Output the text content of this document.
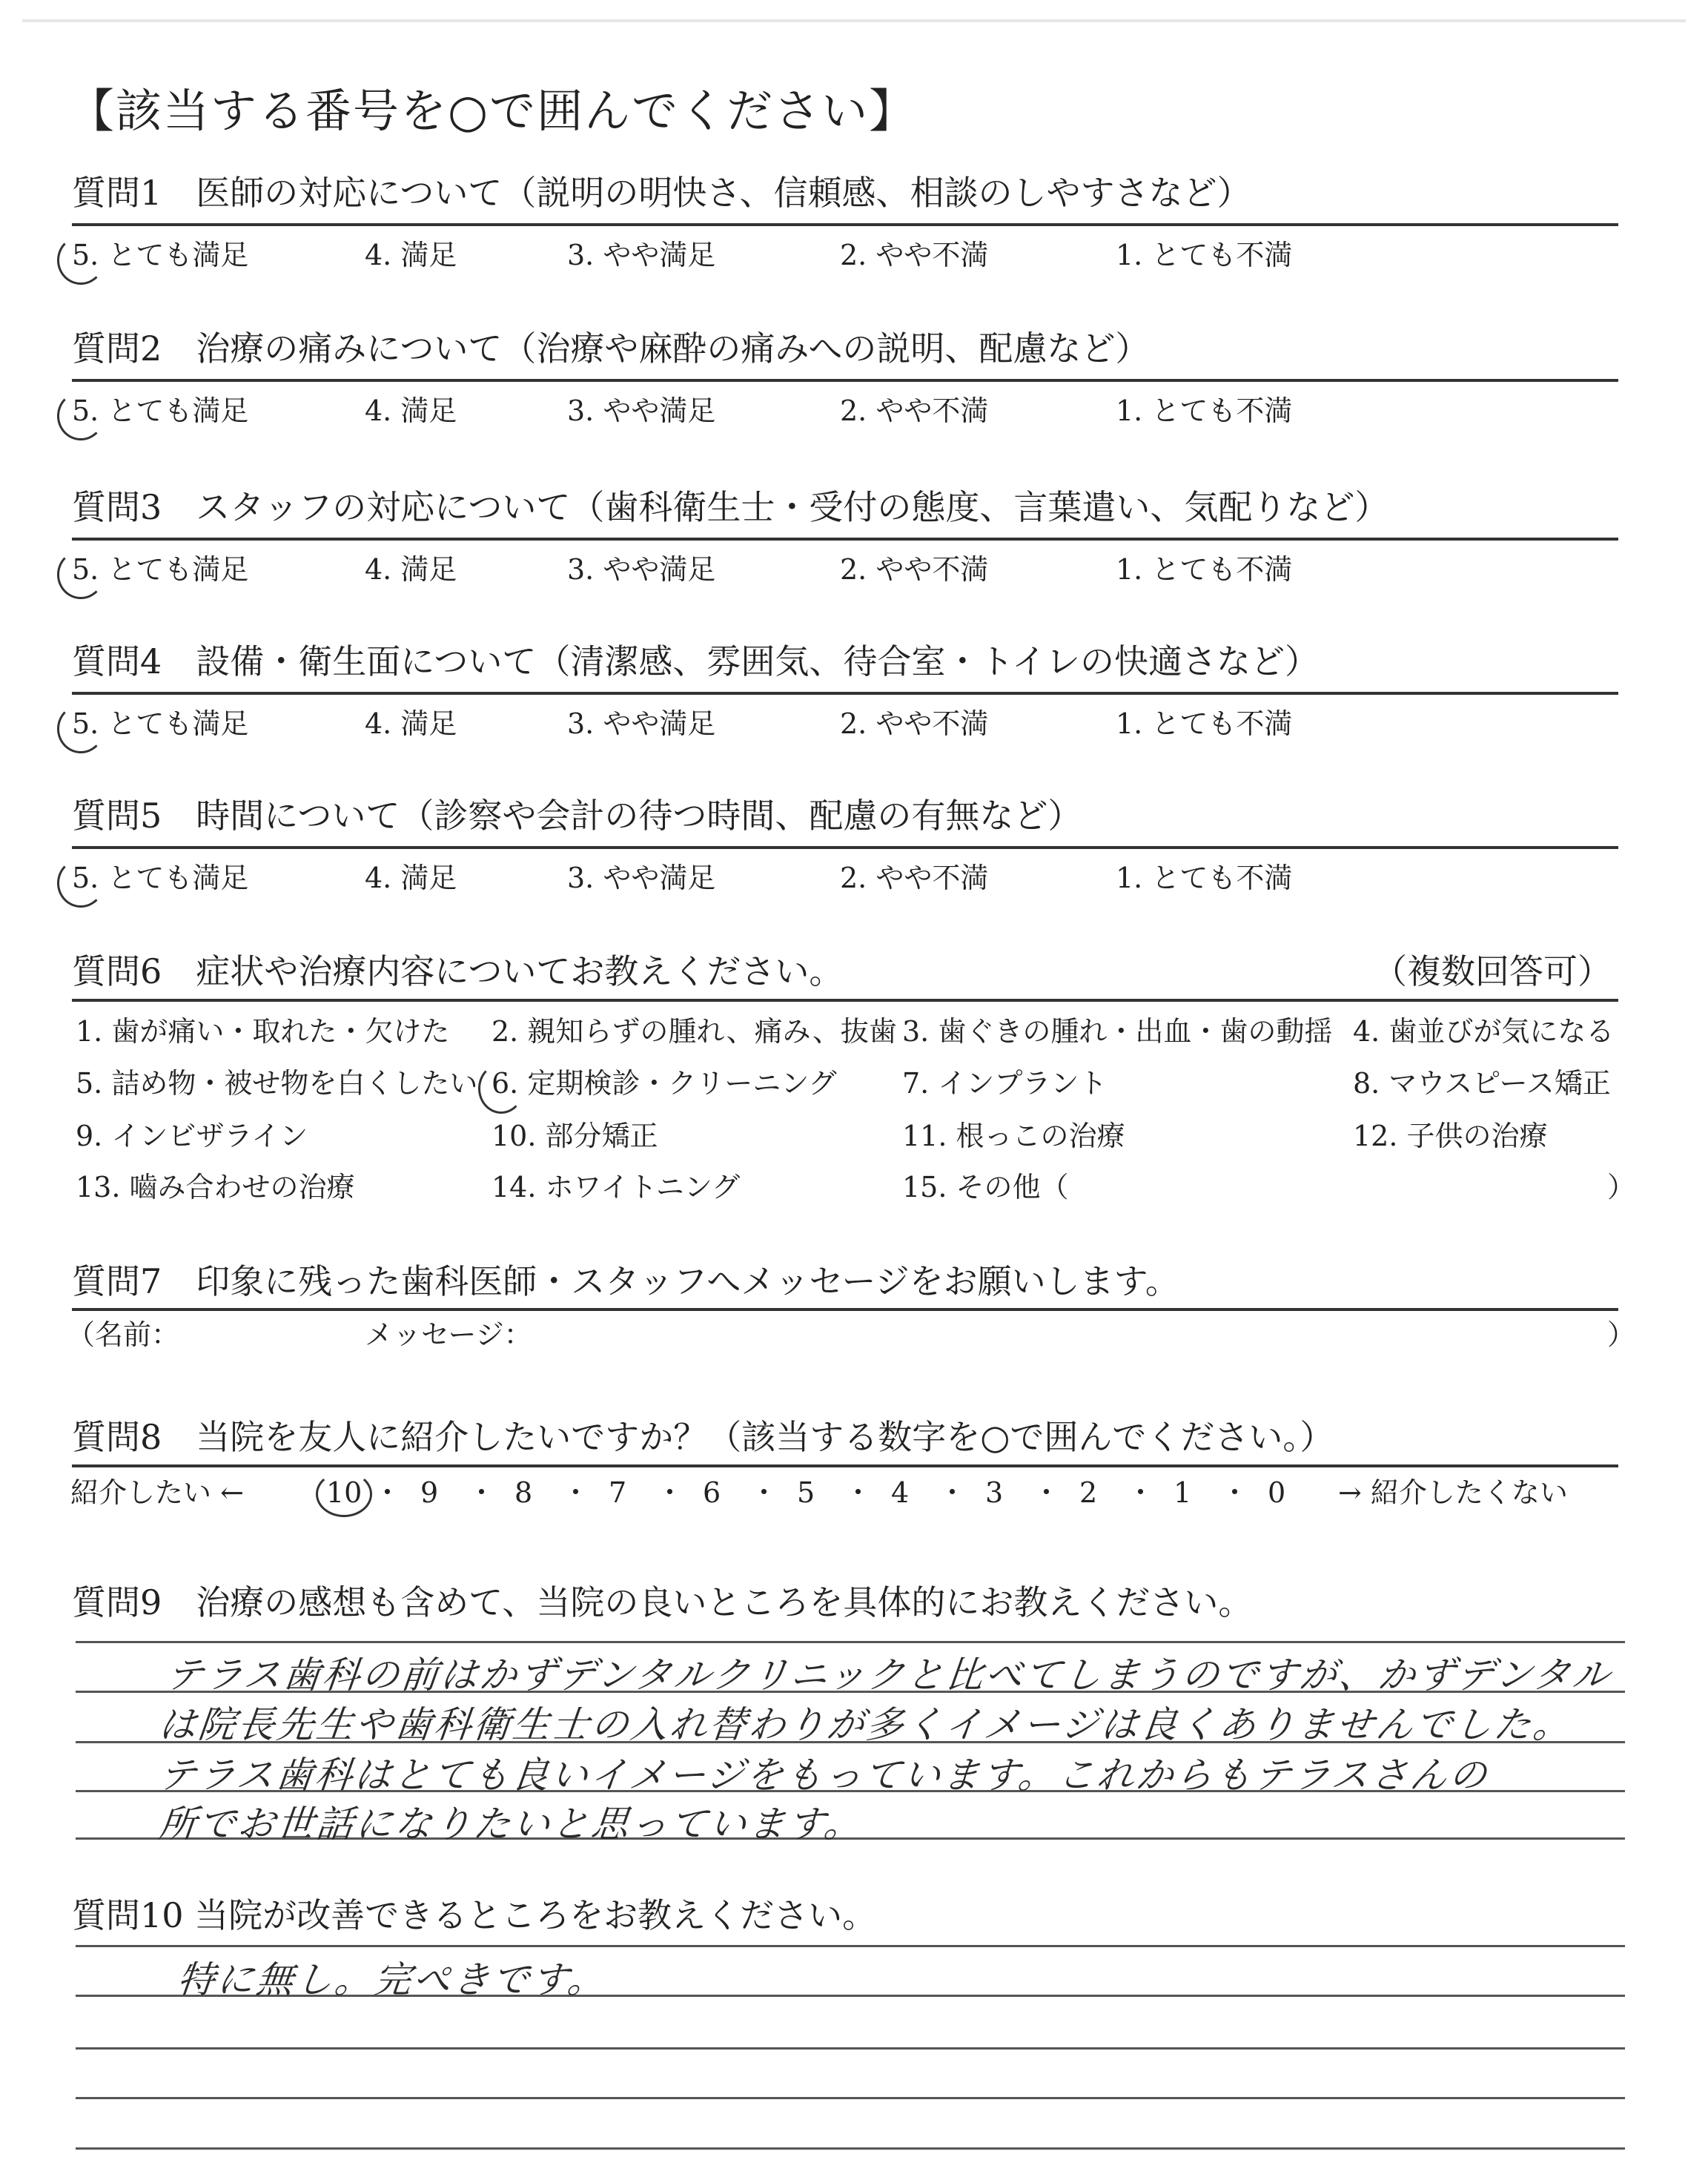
【該当する番号を○で囲んでください】
質問6　症状や治療内容についてお教えください。	（複数回答可）
）
質問7　印象に残った歯科医師・スタッフへメッセージをお願いします。
（名前：	メッセージ：	）
質問8　当院を友人に紹介したいですか？（該当する数字を○で囲んでください。）
紹介したい ←	→ 紹介したくない
質問9　治療の感想も含めて、当院の良いところを具体的にお教えください。
質問10 当院が改善できるところをお教えください。
質問1　医師の対応について（説明の明快さ、信頼感、相談のしやすさなど）
5. とても満足	4. 満足	3. やや満足	2. やや不満	1. とても不満
質問2　治療の痛みについて（治療や麻酔の痛みへの説明、配慮など）
5. とても満足	4. 満足	3. やや満足	2. やや不満	1. とても不満
質問3　スタッフの対応について（歯科衛生士・受付の態度、言葉遣い、気配りなど）
5. とても満足	4. 満足	3. やや満足	2. やや不満	1. とても不満
質問4　設備・衛生面について（清潔感、雰囲気、待合室・トイレの快適さなど）
5. とても満足	4. 満足	3. やや満足	2. やや不満	1. とても不満
質問5　時間について（診察や会計の待つ時間、配慮の有無など）
5. とても満足	4. 満足	3. やや満足	2. やや不満	1. とても不満
1. 歯が痛い・取れた・欠けた 2. 親知らずの腫れ、痛み、抜歯 3. 歯ぐきの腫れ・出血・歯の動揺 4. 歯並びが気になる
5. 詰め物・被せ物を白くしたい 6. 定期検診・クリーニング 7. インプラント	8. マウスピース矯正
9. インビザライン	10. 部分矯正	11. 根っこの治療	12. 子供の治療
13. 嚙み合わせの治療	14. ホワイトニング	15. その他（
10 ・ 9 ・ 8 ・ 7 ・ 6 ・ 5 ・ 4 ・ 3 ・ 2 ・ 1 ・ 0
テラス歯科の前はかずデンタルクリニックと比べてしまうのですが、かずデンタル
は院長先生や歯科衛生士の入れ替わりが多くイメージは良くありませんでした。
テラス歯科はとても良いイメージをもっています。これからもテラスさんの
所でお世話になりたいと思っています。
特に無し。完ぺきです。
